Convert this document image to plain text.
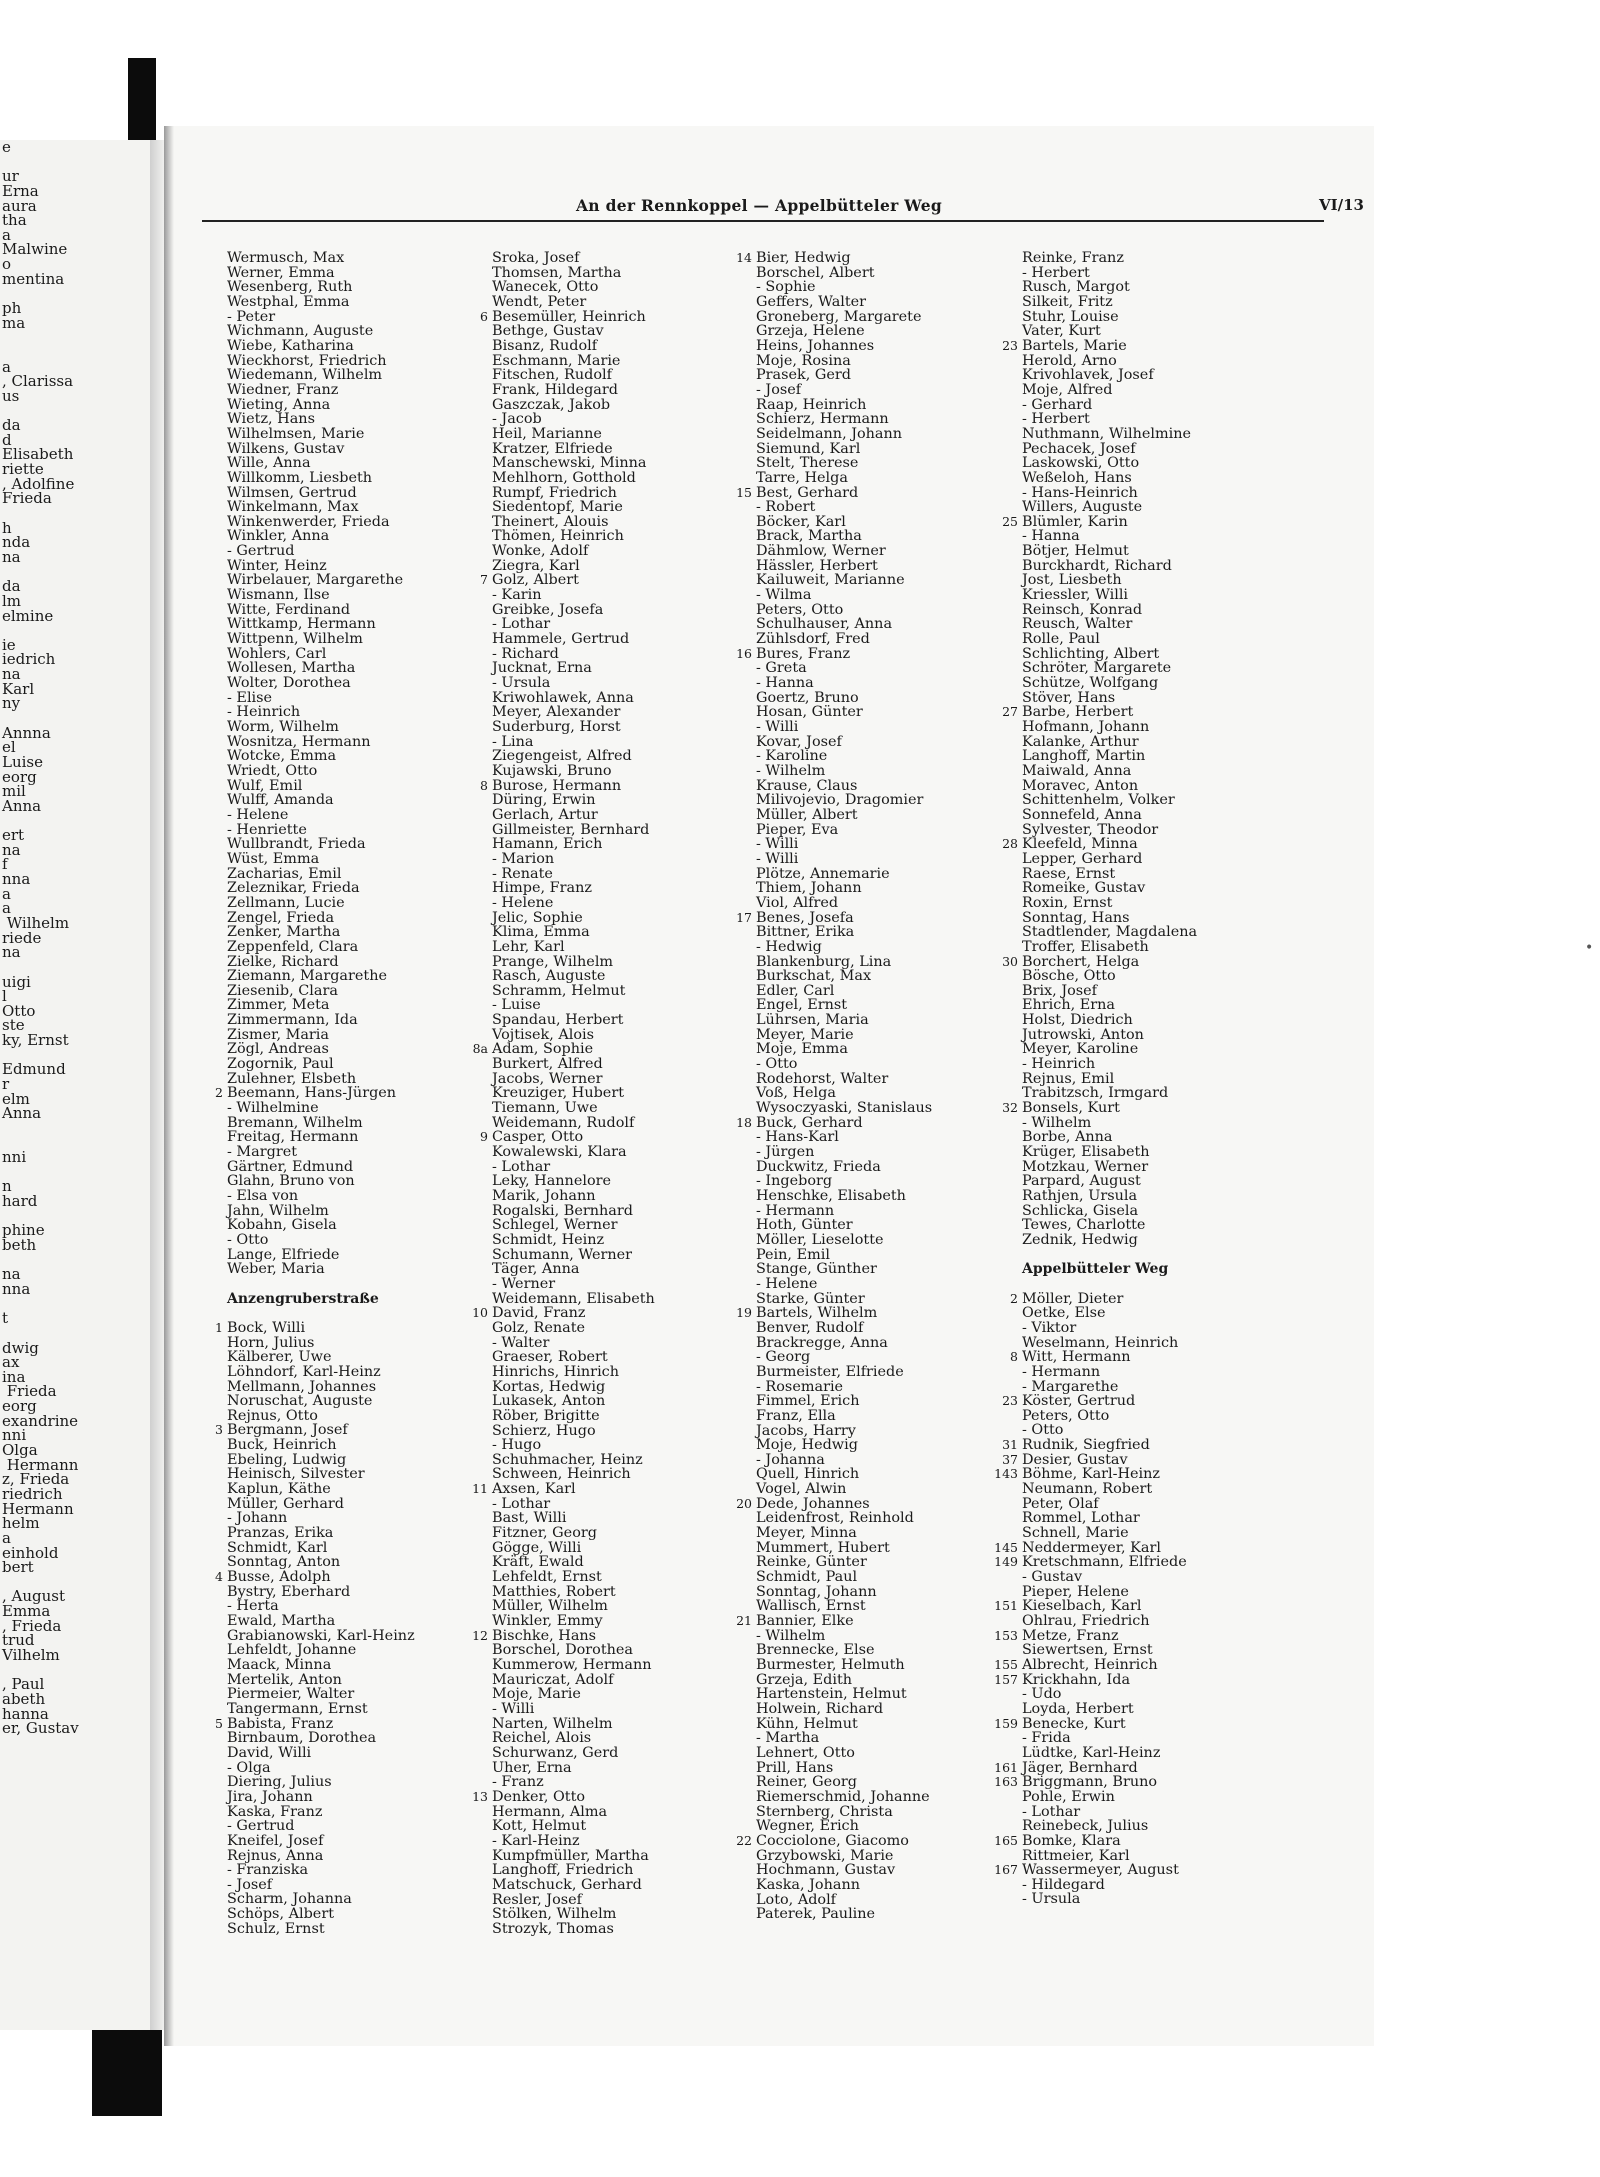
e
ur
Erna
aura
tha
a
Malwine
o
mentina
ph
ma
a
, Clarissa
us
da
d
Elisabeth
riette
, Adolfine
Frieda
h
nda
na
da
lm
elmine
ie
iedrich
na
Karl
ny
Annna
el
Luise
eorg
mil
Anna
ert
na
f
nna
a
a
Wilhelm
riede
na
uigi
l
Otto
ste
ky, Ernst
Edmund
r
elm
Anna
nni
n
hard
phine
beth
na
nna
t
dwig
ax
ina
Frieda
eorg
exandrine
nni
Olga
Hermann
z, Frieda
riedrich
Hermann
helm
a
einhold
bert
, August
Emma
, Frieda
trud
Vilhelm
, Paul
abeth
hanna
er, Gustav
An der Rennkoppel — Appelbütteler Weg	VI/13
Wermusch, Max
Werner, Emma
Wesenberg, Ruth
Westphal, Emma
- Peter
Wichmann, Auguste
Wiebe, Katharina
Wieckhorst, Friedrich
Wiedemann, Wilhelm
Wiedner, Franz
Wieting, Anna
Wietz, Hans
Wilhelmsen, Marie
Wilkens, Gustav
Wille, Anna
Willkomm, Liesbeth
Wilmsen, Gertrud
Winkelmann, Max
Winkenwerder, Frieda
Winkler, Anna
- Gertrud
Winter, Heinz
Wirbelauer, Margarethe
Wismann, Ilse
Witte, Ferdinand
Wittkamp, Hermann
Wittpenn, Wilhelm
Wohlers, Carl
Wollesen, Martha
Wolter, Dorothea
- Elise
- Heinrich
Worm, Wilhelm
Wosnitza, Hermann
Wotcke, Emma
Wriedt, Otto
Wulf, Emil
Wulff, Amanda
- Helene
- Henriette
Wullbrandt, Frieda
Wüst, Emma
Zacharias, Emil
Zeleznikar, Frieda
Zellmann, Lucie
Zengel, Frieda
Zenker, Martha
Zeppenfeld, Clara
Zielke, Richard
Ziemann, Margarethe
Ziesenib, Clara
Zimmer, Meta
Zimmermann, Ida
Zismer, Maria
Zögl, Andreas
Zogornik, Paul
Zulehner, Elsbeth
2 Beemann, Hans-Jürgen
- Wilhelmine
Bremann, Wilhelm
Freitag, Hermann
- Margret
Gärtner, Edmund
Glahn, Bruno von
- Elsa von
Jahn, Wilhelm
Kobahn, Gisela
- Otto
Lange, Elfriede
Weber, Maria
Anzengruberstraße
1 Bock, Willi
Horn, Julius
Kälberer, Uwe
Löhndorf, Karl-Heinz
Mellmann, Johannes
Noruschat, Auguste
Rejnus, Otto
3 Bergmann, Josef
Buck, Heinrich
Ebeling, Ludwig
Heinisch, Silvester
Kaplun, Käthe
Müller, Gerhard
- Johann
Pranzas, Erika
Schmidt, Karl
Sonntag, Anton
4 Busse, Adolph
Bystry, Eberhard
- Herta
Ewald, Martha
Grabianowski, Karl-Heinz
Lehfeldt, Johanne
Maack, Minna
Mertelik, Anton
Piermeier, Walter
Tangermann, Ernst
5 Babista, Franz
Birnbaum, Dorothea
David, Willi
- Olga
Diering, Julius
Jira, Johann
Kaska, Franz
- Gertrud
Kneifel, Josef
Rejnus, Anna
- Franziska
- Josef
Scharm, Johanna
Schöps, Albert
Schulz, Ernst
Sroka, Josef
Thomsen, Martha
Wanecek, Otto
Wendt, Peter
6 Besemüller, Heinrich
Bethge, Gustav
Bisanz, Rudolf
Eschmann, Marie
Fitschen, Rudolf
Frank, Hildegard
Gaszczak, Jakob
- Jacob
Heil, Marianne
Kratzer, Elfriede
Manschewski, Minna
Mehlhorn, Gotthold
Rumpf, Friedrich
Siedentopf, Marie
Theinert, Alouis
Thömen, Heinrich
Wonke, Adolf
Ziegra, Karl
7 Golz, Albert
- Karin
Greibke, Josefa
- Lothar
Hammele, Gertrud
- Richard
Jucknat, Erna
- Ursula
Kriwohlawek, Anna
Meyer, Alexander
Suderburg, Horst
- Lina
Ziegengeist, Alfred
Kujawski, Bruno
8 Burose, Hermann
Düring, Erwin
Gerlach, Artur
Gillmeister, Bernhard
Hamann, Erich
- Marion
- Renate
Himpe, Franz
- Helene
Jelic, Sophie
Klima, Emma
Lehr, Karl
Prange, Wilhelm
Rasch, Auguste
Schramm, Helmut
- Luise
Spandau, Herbert
Vojtisek, Alois
8a Adam, Sophie
Burkert, Alfred
Jacobs, Werner
Kreuziger, Hubert
Tiemann, Uwe
Weidemann, Rudolf
9 Casper, Otto
Kowalewski, Klara
- Lothar
Leky, Hannelore
Marik, Johann
Rogalski, Bernhard
Schlegel, Werner
Schmidt, Heinz
Schumann, Werner
Täger, Anna
- Werner
Weidemann, Elisabeth
10 David, Franz
Golz, Renate
- Walter
Graeser, Robert
Hinrichs, Hinrich
Kortas, Hedwig
Lukasek, Anton
Röber, Brigitte
Schierz, Hugo
- Hugo
Schuhmacher, Heinz
Schween, Heinrich
11 Axsen, Karl
- Lothar
Bast, Willi
Fitzner, Georg
Gögge, Willi
Kräft, Ewald
Lehfeldt, Ernst
Matthies, Robert
Müller, Wilhelm
Winkler, Emmy
12 Bischke, Hans
Borschel, Dorothea
Kummerow, Hermann
Mauriczat, Adolf
Moje, Marie
- Willi
Narten, Wilhelm
Reichel, Alois
Schurwanz, Gerd
Uher, Erna
- Franz
13 Denker, Otto
Hermann, Alma
Kott, Helmut
- Karl-Heinz
Kumpfmüller, Martha
Langhoff, Friedrich
Matschuck, Gerhard
Resler, Josef
Stölken, Wilhelm
Strozyk, Thomas
14 Bier, Hedwig
Borschel, Albert
- Sophie
Geffers, Walter
Groneberg, Margarete
Grzeja, Helene
Heins, Johannes
Moje, Rosina
Prasek, Gerd
- Josef
Raap, Heinrich
Schierz, Hermann
Seidelmann, Johann
Siemund, Karl
Stelt, Therese
Tarre, Helga
15 Best, Gerhard
- Robert
Böcker, Karl
Brack, Martha
Dähmlow, Werner
Hässler, Herbert
Kailuweit, Marianne
- Wilma
Peters, Otto
Schulhauser, Anna
Zühlsdorf, Fred
16 Bures, Franz
- Greta
- Hanna
Goertz, Bruno
Hosan, Günter
- Willi
Kovar, Josef
- Karoline
- Wilhelm
Krause, Claus
Milivojevio, Dragomier
Müller, Albert
Pieper, Eva
- Willi
- Willi
Plötze, Annemarie
Thiem, Johann
Viol, Alfred
17 Benes, Josefa
Bittner, Erika
- Hedwig
Blankenburg, Lina
Burkschat, Max
Edler, Carl
Engel, Ernst
Lührsen, Maria
Meyer, Marie
Moje, Emma
- Otto
Rodehorst, Walter
Voß, Helga
Wysoczyaski, Stanislaus
18 Buck, Gerhard
- Hans-Karl
- Jürgen
Duckwitz, Frieda
- Ingeborg
Henschke, Elisabeth
- Hermann
Hoth, Günter
Möller, Lieselotte
Pein, Emil
Stange, Günther
- Helene
Starke, Günter
19 Bartels, Wilhelm
Benver, Rudolf
Brackregge, Anna
- Georg
Burmeister, Elfriede
- Rosemarie
Fimmel, Erich
Franz, Ella
Jacobs, Harry
Moje, Hedwig
- Johanna
Quell, Hinrich
Vogel, Alwin
20 Dede, Johannes
Leidenfrost, Reinhold
Meyer, Minna
Mummert, Hubert
Reinke, Günter
Schmidt, Paul
Sonntag, Johann
Wallisch, Ernst
21 Bannier, Elke
- Wilhelm
Brennecke, Else
Burmester, Helmuth
Grzeja, Edith
Hartenstein, Helmut
Holwein, Richard
Kühn, Helmut
- Martha
Lehnert, Otto
Prill, Hans
Reiner, Georg
Riemerschmid, Johanne
Sternberg, Christa
Wegner, Erich
22 Cocciolone, Giacomo
Grzybowski, Marie
Hochmann, Gustav
Kaska, Johann
Loto, Adolf
Paterek, Pauline
Reinke, Franz
- Herbert
Rusch, Margot
Silkeit, Fritz
Stuhr, Louise
Vater, Kurt
23 Bartels, Marie
Herold, Arno
Krivohlavek, Josef
Moje, Alfred
- Gerhard
- Herbert
Nuthmann, Wilhelmine
Pechacek, Josef
Laskowski, Otto
Weßeloh, Hans
- Hans-Heinrich
Willers, Auguste
25 Blümler, Karin
- Hanna
Bötjer, Helmut
Burckhardt, Richard
Jost, Liesbeth
Kriessler, Willi
Reinsch, Konrad
Reusch, Walter
Rolle, Paul
Schlichting, Albert
Schröter, Margarete
Schütze, Wolfgang
Stöver, Hans
27 Barbe, Herbert
Hofmann, Johann
Kalanke, Arthur
Langhoff, Martin
Maiwald, Anna
Moravec, Anton
Schittenhelm, Volker
Sonnefeld, Anna
Sylvester, Theodor
28 Kleefeld, Minna
Lepper, Gerhard
Raese, Ernst
Romeike, Gustav
Roxin, Ernst
Sonntag, Hans
Stadtlender, Magdalena
Troffer, Elisabeth
30 Borchert, Helga
Bösche, Otto
Brix, Josef
Ehrich, Erna
Holst, Diedrich
Jutrowski, Anton
Meyer, Karoline
- Heinrich
Rejnus, Emil
Trabitzsch, Irmgard
32 Bonsels, Kurt
- Wilhelm
Borbe, Anna
Krüger, Elisabeth
Motzkau, Werner
Parpard, August
Rathjen, Ursula
Schlicka, Gisela
Tewes, Charlotte
Zednik, Hedwig
Appelbütteler Weg
2 Möller, Dieter
Oetke, Else
- Viktor
Weselmann, Heinrich
8 Witt, Hermann
- Hermann
- Margarethe
23 Köster, Gertrud
Peters, Otto
- Otto
31 Rudnik, Siegfried
37 Desier, Gustav
143 Böhme, Karl-Heinz
Neumann, Robert
Peter, Olaf
Rommel, Lothar
Schnell, Marie
145 Neddermeyer, Karl
149 Kretschmann, Elfriede
- Gustav
Pieper, Helene
151 Kieselbach, Karl
Ohlrau, Friedrich
153 Metze, Franz
Siewertsen, Ernst
155 Albrecht, Heinrich
157 Krickhahn, Ida
- Udo
Loyda, Herbert
159 Benecke, Kurt
- Frida
Lüdtke, Karl-Heinz
161 Jäger, Bernhard
163 Briggmann, Bruno
Pohle, Erwin
- Lothar
Reinebeck, Julius
165 Bomke, Klara
Rittmeier, Karl
167 Wassermeyer, August
- Hildegard
- Ursula
•
